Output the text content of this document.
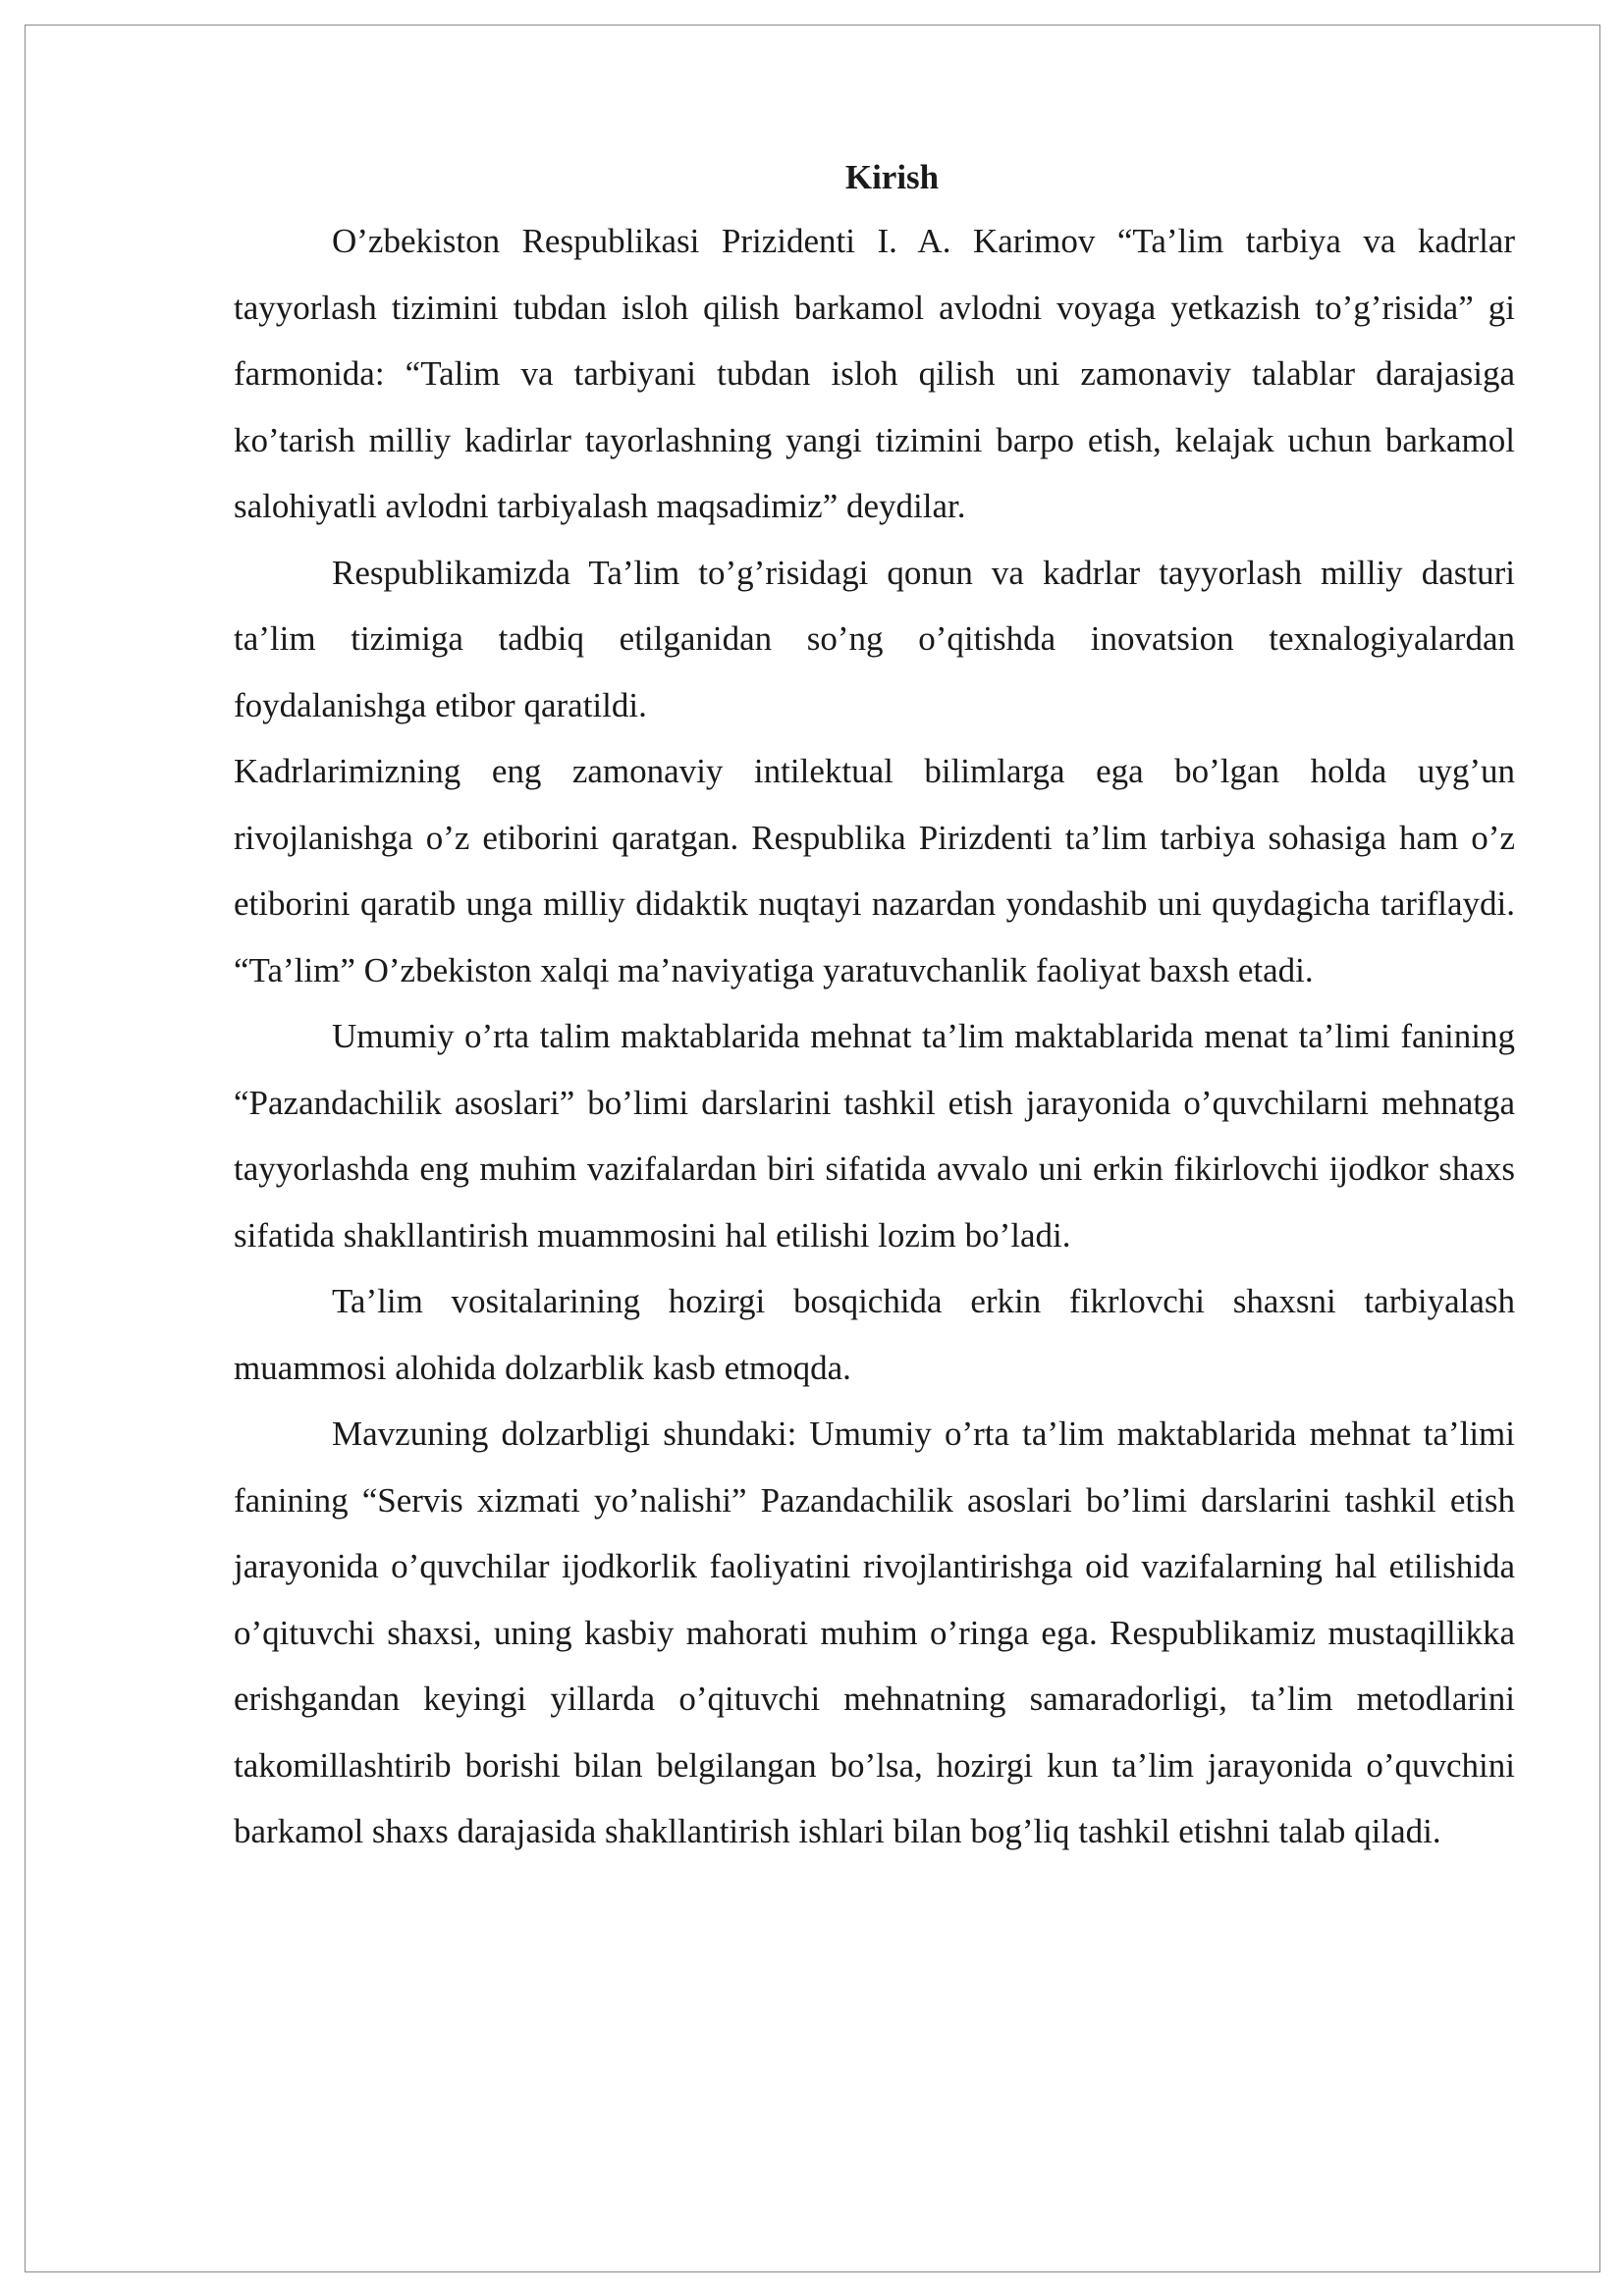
Kirish

O’zbekiston Respublikasi Prizidenti I. A. Karimov “Ta’lim tarbiya va kadrlar tayyorlash tizimini tubdan isloh qilish barkamol avlodni voyaga yetkazish to’g’risida” gi farmonida: “Talim va tarbiyani tubdan isloh qilish uni zamonaviy talablar darajasiga ko’tarish milliy kadirlar tayorlashning yangi tizimini barpo etish, kelajak uchun barkamol salohiyatli avlodni tarbiyalash maqsadimiz” deydilar.

Respublikamizda Ta’lim to’g’risidagi qonun va kadrlar tayyorlash milliy dasturi ta’lim tizimiga tadbiq etilganidan so’ng o’qitishda inovatsion texnalogiyalardan foydalanishga etibor qaratildi.

Kadrlarimizning eng zamonaviy intilektual bilimlarga ega bo’lgan holda uyg’un rivojlanishga o’z etiborini qaratgan. Respublika Pirizdenti ta’lim tarbiya sohasiga ham o’z etiborini qaratib unga milliy didaktik nuqtayi nazardan yondashib uni quydagicha tariflaydi. “Ta’lim” O’zbekiston xalqi ma’naviyatiga yaratuvchanlik faoliyat baxsh etadi.

Umumiy o’rta talim maktablarida mehnat ta’lim maktablarida menat ta’limi fanining “Pazandachilik asoslari” bo’limi darslarini tashkil etish jarayonida o’quvchilarni mehnatga tayyorlashda eng muhim vazifalardan biri sifatida avvalo uni erkin fikirlovchi ijodkor shaxs sifatida shakllantirish muammosini hal etilishi lozim bo’ladi.

Ta’lim vositalarining hozirgi bosqichida erkin fikrlovchi shaxsni tarbiyalash muammosi alohida dolzarblik kasb etmoqda.

Mavzuning dolzarbligi shundaki: Umumiy o’rta ta’lim maktablarida mehnat ta’limi fanining “Servis xizmati yo’nalishi” Pazandachilik asoslari bo’limi darslarini tashkil etish jarayonida o’quvchilar ijodkorlik faoliyatini rivojlantirishga oid vazifalarning hal etilishida o’qituvchi shaxsi, uning kasbiy mahorati muhim o’ringa ega. Respublikamiz mustaqillikka erishgandan keyingi yillarda o’qituvchi mehnatning samaradorligi, ta’lim metodlarini takomillashtirib borishi bilan belgilangan bo’lsa, hozirgi kun ta’lim jarayonida o’quvchini barkamol shaxs darajasida shakllantirish ishlari bilan bog’liq tashkil etishni talab qiladi.
